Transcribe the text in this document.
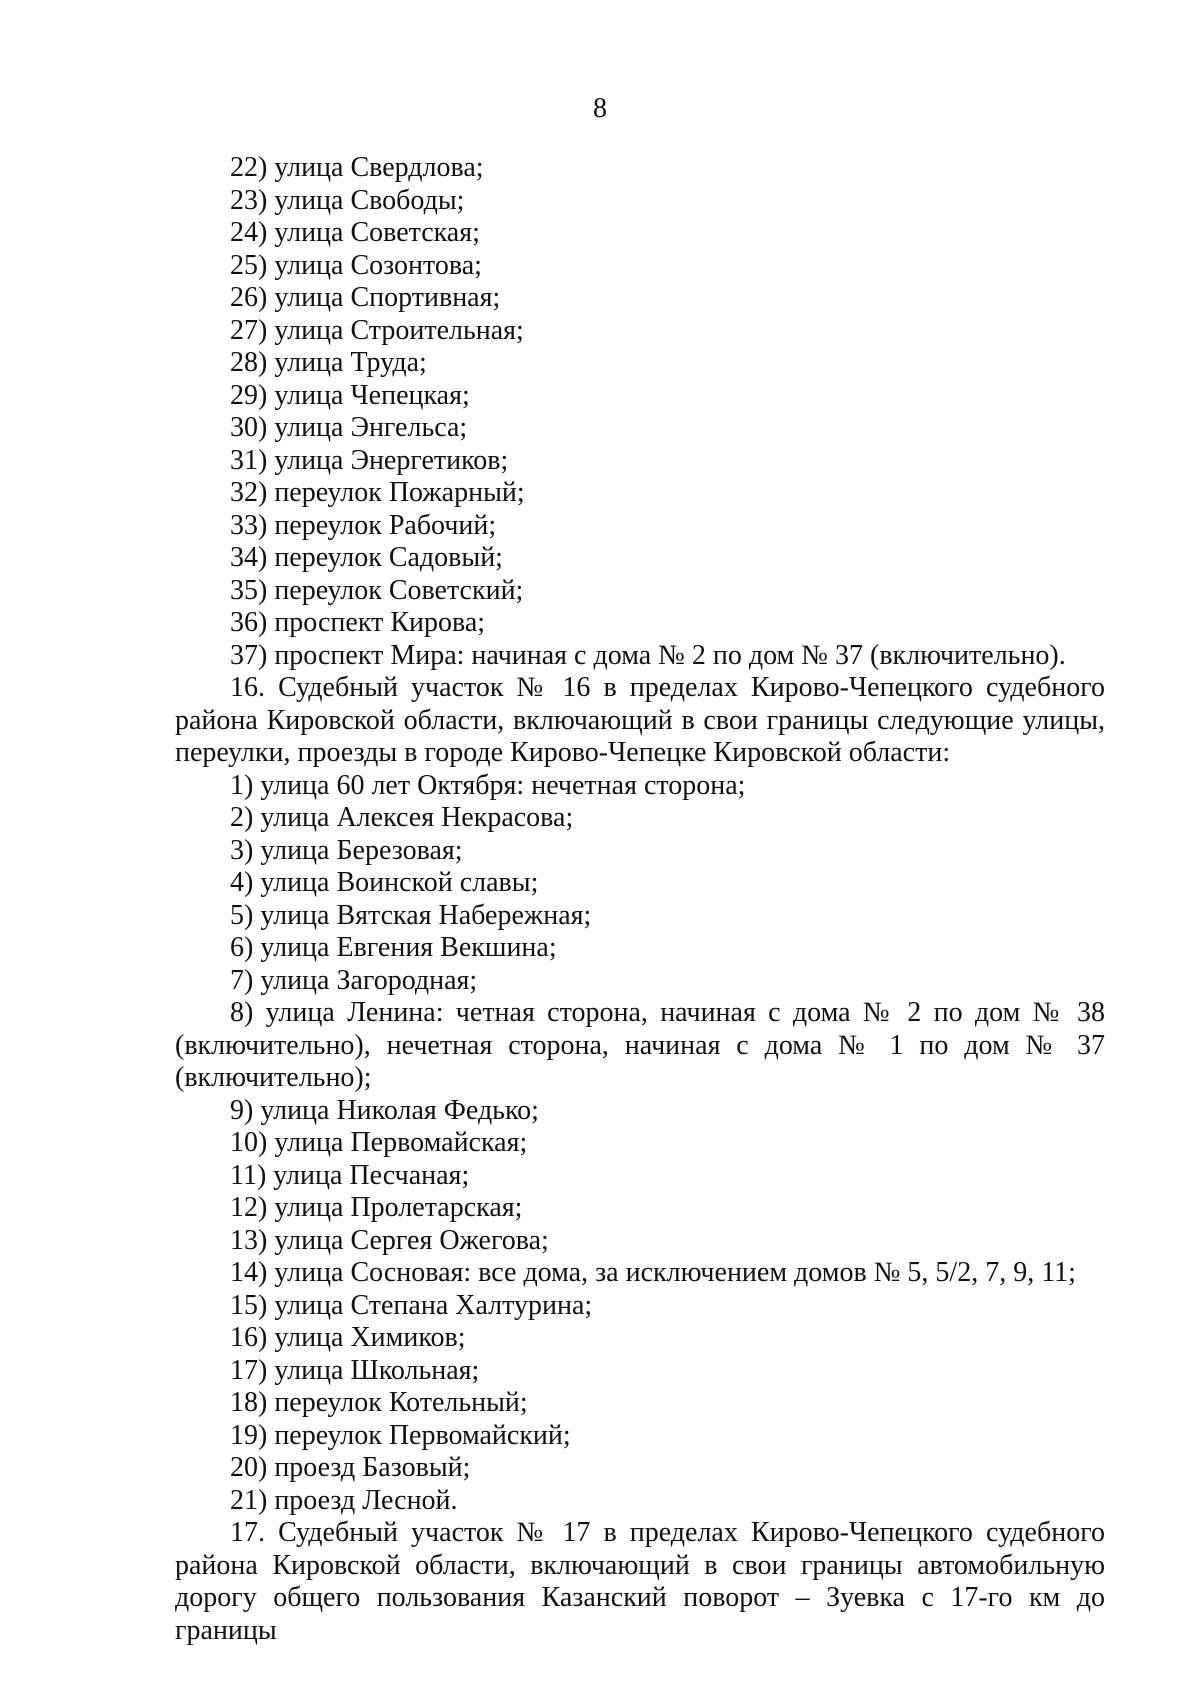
8
22) улица Свердлова;
23) улица Свободы;
24) улица Советская;
25) улица Созонтова;
26) улица Спортивная;
27) улица Строительная;
28) улица Труда;
29) улица Чепецкая;
30) улица Энгельса;
31) улица Энергетиков;
32) переулок Пожарный;
33) переулок Рабочий;
34) переулок Садовый;
35) переулок Советский;
36) проспект Кирова;
37) проспект Мира: начиная с дома № 2 по дом № 37 (включительно).
16. Судебный участок № 16 в пределах Кирово-Чепецкого судебного района Кировской области, включающий в свои границы следующие улицы, переулки, проезды в городе Кирово-Чепецке Кировской области:
1) улица 60 лет Октября: нечетная сторона;
2) улица Алексея Некрасова;
3) улица Березовая;
4) улица Воинской славы;
5) улица Вятская Набережная;
6) улица Евгения Векшина;
7) улица Загородная;
8) улица Ленина: четная сторона, начиная с дома № 2 по дом № 38 (включительно), нечетная сторона, начиная с дома № 1 по дом № 37 (включительно);
9) улица Николая Федько;
10) улица Первомайская;
11) улица Песчаная;
12) улица Пролетарская;
13) улица Сергея Ожегова;
14) улица Сосновая: все дома, за исключением домов № 5, 5/2, 7, 9, 11;
15) улица Степана Халтурина;
16) улица Химиков;
17) улица Школьная;
18) переулок Котельный;
19) переулок Первомайский;
20) проезд Базовый;
21) проезд Лесной.
17. Судебный участок № 17 в пределах Кирово-Чепецкого судебного района Кировской области, включающий в свои границы автомобильную дорогу общего пользования Казанский поворот – Зуевка с 17-го км до границы
